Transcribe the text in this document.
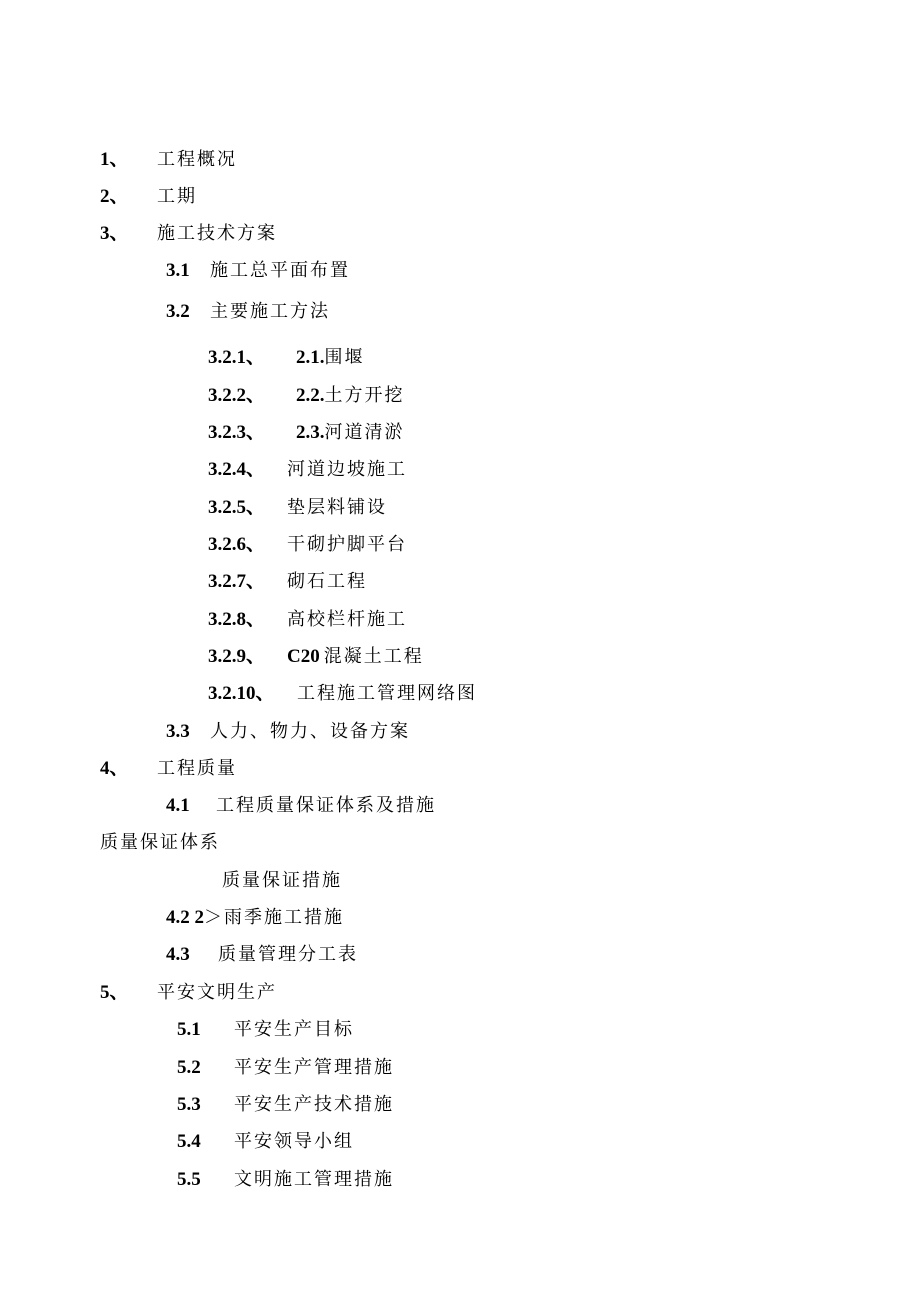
1、 工程概况
2、 工期
3、 施工技术方案
3.1 施工总平面布置
3.2 主要施工方法
3.2.1、 2.1.围堰
3.2.2、 2.2.土方开挖
3.2.3、 2.3.河道清淤
3.2.4、 河道边坡施工
3.2.5、 垫层料铺设
3.2.6、 干砌护脚平台
3.2.7、 砌石工程
3.2.8、 高校栏杆施工
3.2.9、 C20 混凝土工程
3.2.10、 工程施工管理网络图
3.3 人力、物力、设备方案
4、 工程质量
4.1 工程质量保证体系及措施
质量保证体系
质量保证措施
4.2 2＞雨季施工措施
4.3 质量管理分工表
5、 平安文明生产
5.1 平安生产目标
5.2 平安生产管理措施
5.3 平安生产技术措施
5.4 平安领导小组
5.5 文明施工管理措施
